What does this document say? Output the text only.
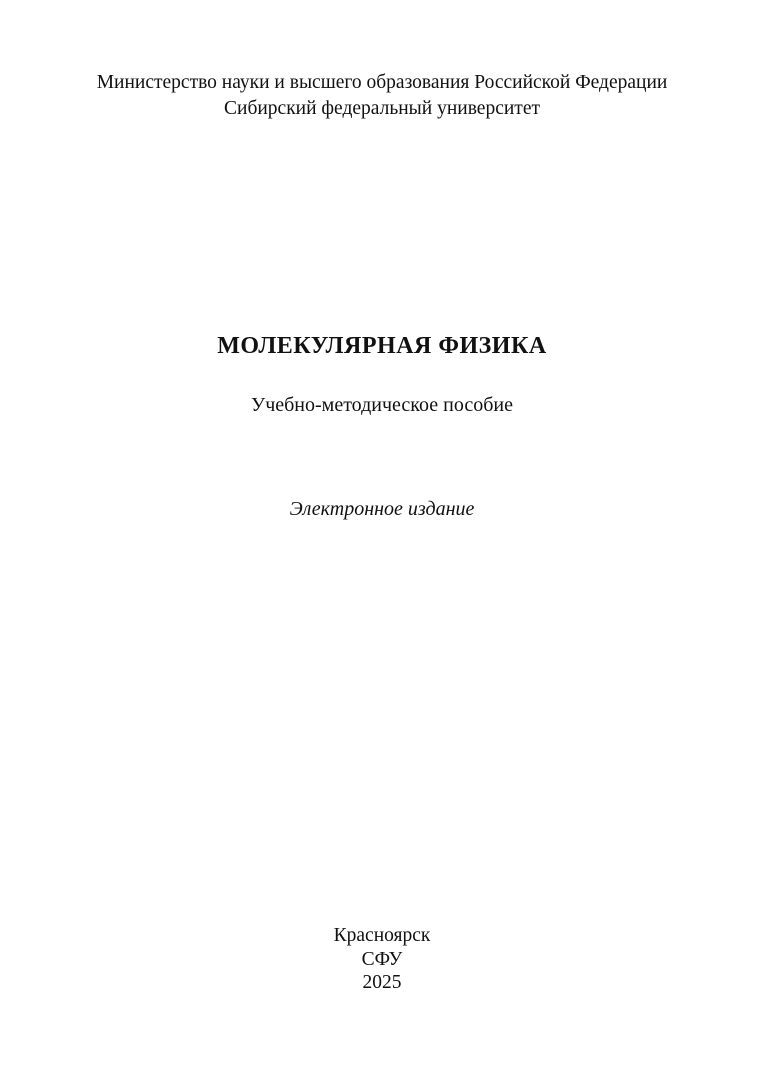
Министерство науки и высшего образования Российской Федерации
Сибирский федеральный университет
МОЛЕКУЛЯРНАЯ ФИЗИКА
Учебно-методическое пособие
Электронное издание
Красноярск
СФУ
2025
